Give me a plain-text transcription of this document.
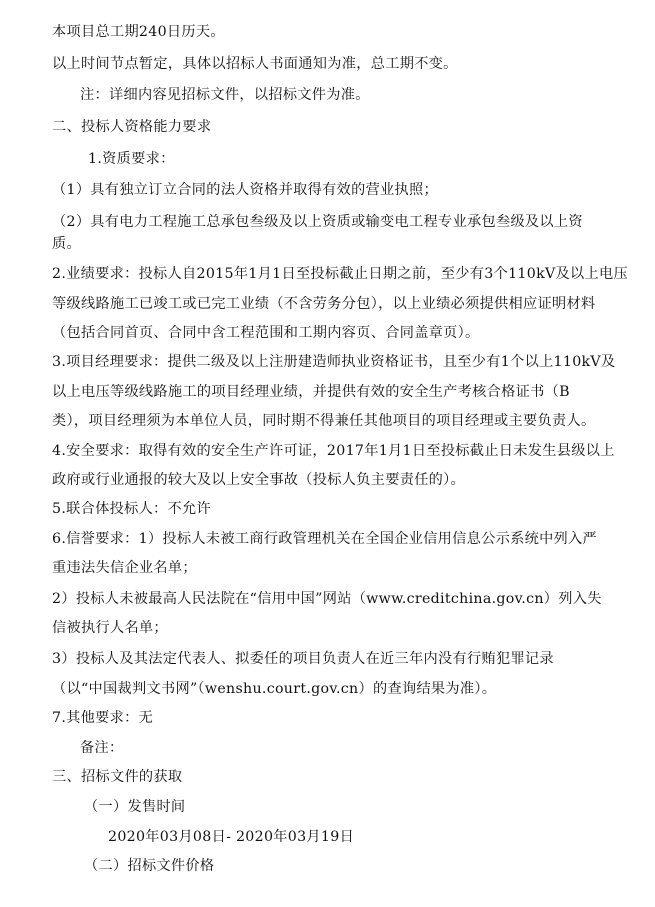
本项目总工期240日历天。
以上时间节点暂定，具体以招标人书面通知为准，总工期不变。
注：详细内容见招标文件，以招标文件为准。
二、投标人资格能力要求
1.资质要求：
（1）具有独立订立合同的法人资格并取得有效的营业执照；
（2）具有电力工程施工总承包叁级及以上资质或输变电工程专业承包叁级及以上资
质。
2.业绩要求：投标人自2015年1月1日至投标截止日期之前，至少有3个110kV及以上电压
等级线路施工已竣工或已完工业绩（不含劳务分包），以上业绩必须提供相应证明材料
（包括合同首页、合同中含工程范围和工期内容页、合同盖章页）。
3.项目经理要求：提供二级及以上注册建造师执业资格证书，且至少有1个以上110kV及
以上电压等级线路施工的项目经理业绩，并提供有效的安全生产考核合格证书（B
类），项目经理须为本单位人员，同时期不得兼任其他项目的项目经理或主要负责人。
4.安全要求：取得有效的安全生产许可证，2017年1月1日至投标截止日未发生县级以上
政府或行业通报的较大及以上安全事故（投标人负主要责任的）。
5.联合体投标人：不允许
6.信誉要求：1）投标人未被工商行政管理机关在全国企业信用信息公示系统中列入严
重违法失信企业名单；
2）投标人未被最高人民法院在“信用中国”网站（www.creditchina.gov.cn）列入失
信被执行人名单；
3）投标人及其法定代表人、拟委任的项目负责人在近三年内没有行贿犯罪记录
（以“中国裁判文书网”（wenshu.court.gov.cn）的查询结果为准）。
7.其他要求：无
备注：
三、招标文件的获取
（一）发售时间
2020年03月08日- 2020年03月19日
（二）招标文件价格
